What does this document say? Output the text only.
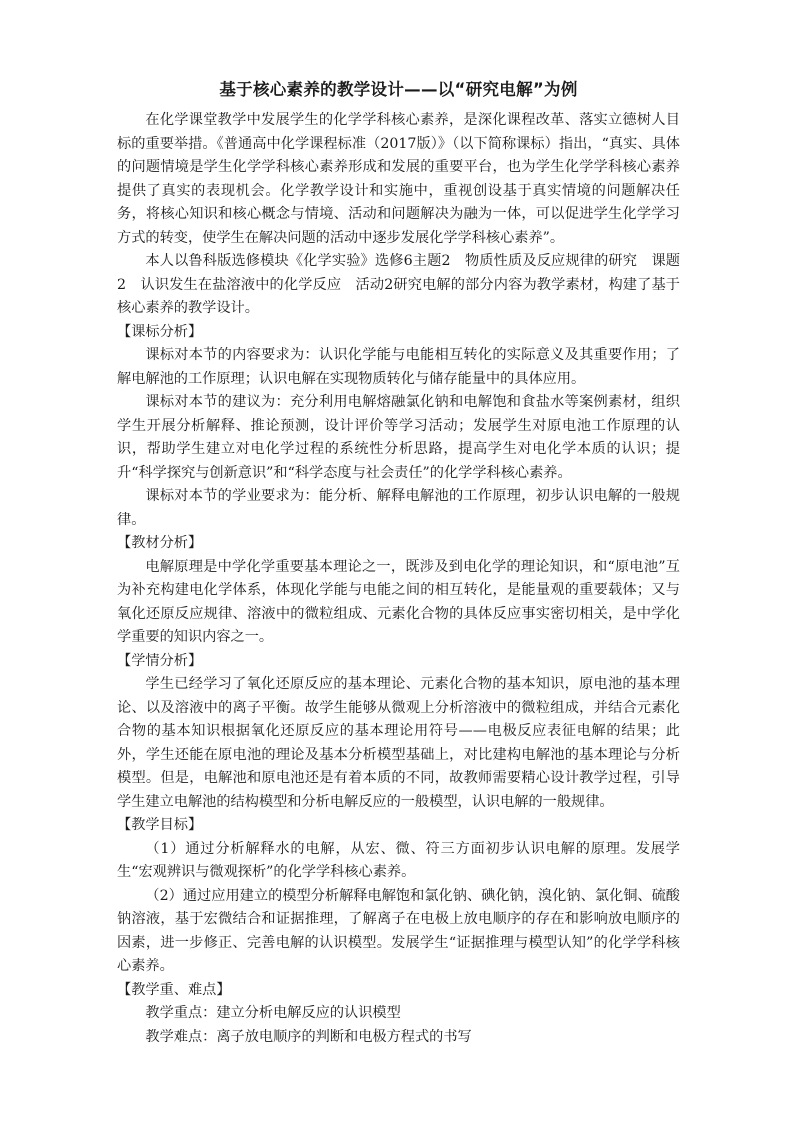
基于核心素养的教学设计——以“研究电解”为例

在化学课堂教学中发展学生的化学学科核心素养，是深化课程改革、落实立德树人目标的重要举措。《普通高中化学课程标准（2017版）》（以下简称课标）指出，“真实、具体的问题情境是学生化学学科核心素养形成和发展的重要平台，也为学生化学学科核心素养提供了真实的表现机会。化学教学设计和实施中，重视创设基于真实情境的问题解决任务，将核心知识和核心概念与情境、活动和问题解决为融为一体，可以促进学生化学学习方式的转变，使学生在解决问题的活动中逐步发展化学学科核心素养”。

本人以鲁科版选修模块《化学实验》选修6主题2　物质性质及反应规律的研究　课题2　认识发生在盐溶液中的化学反应　活动2研究电解的部分内容为教学素材，构建了基于核心素养的教学设计。

【课标分析】

课标对本节的内容要求为：认识化学能与电能相互转化的实际意义及其重要作用；了解电解池的工作原理；认识电解在实现物质转化与储存能量中的具体应用。

课标对本节的建议为：充分利用电解熔融氯化钠和电解饱和食盐水等案例素材，组织学生开展分析解释、推论预测，设计评价等学习活动；发展学生对原电池工作原理的认识，帮助学生建立对电化学过程的系统性分析思路，提高学生对电化学本质的认识；提升“科学探究与创新意识”和“科学态度与社会责任”的化学学科核心素养。

课标对本节的学业要求为：能分析、解释电解池的工作原理，初步认识电解的一般规律。

【教材分析】

电解原理是中学化学重要基本理论之一，既涉及到电化学的理论知识，和“原电池”互为补充构建电化学体系，体现化学能与电能之间的相互转化，是能量观的重要载体；又与氧化还原反应规律、溶液中的微粒组成、元素化合物的具体反应事实密切相关，是中学化学重要的知识内容之一。

【学情分析】

学生已经学习了氧化还原反应的基本理论、元素化合物的基本知识，原电池的基本理论、以及溶液中的离子平衡。故学生能够从微观上分析溶液中的微粒组成，并结合元素化合物的基本知识根据氧化还原反应的基本理论用符号——电极反应表征电解的结果；此外，学生还能在原电池的理论及基本分析模型基础上，对比建构电解池的基本理论与分析模型。但是，电解池和原电池还是有着本质的不同，故教师需要精心设计教学过程，引导学生建立电解池的结构模型和分析电解反应的一般模型，认识电解的一般规律。

【教学目标】

（1）通过分析解释水的电解，从宏、微、符三方面初步认识电解的原理。发展学生“宏观辨识与微观探析”的化学学科核心素养。

（2）通过应用建立的模型分析解释电解饱和氯化钠、碘化钠，溴化钠、氯化铜、硫酸钠溶液，基于宏微结合和证据推理，了解离子在电极上放电顺序的存在和影响放电顺序的因素，进一步修正、完善电解的认识模型。发展学生“证据推理与模型认知”的化学学科核心素养。

【教学重、难点】

教学重点：建立分析电解反应的认识模型

教学难点：离子放电顺序的判断和电极方程式的书写
